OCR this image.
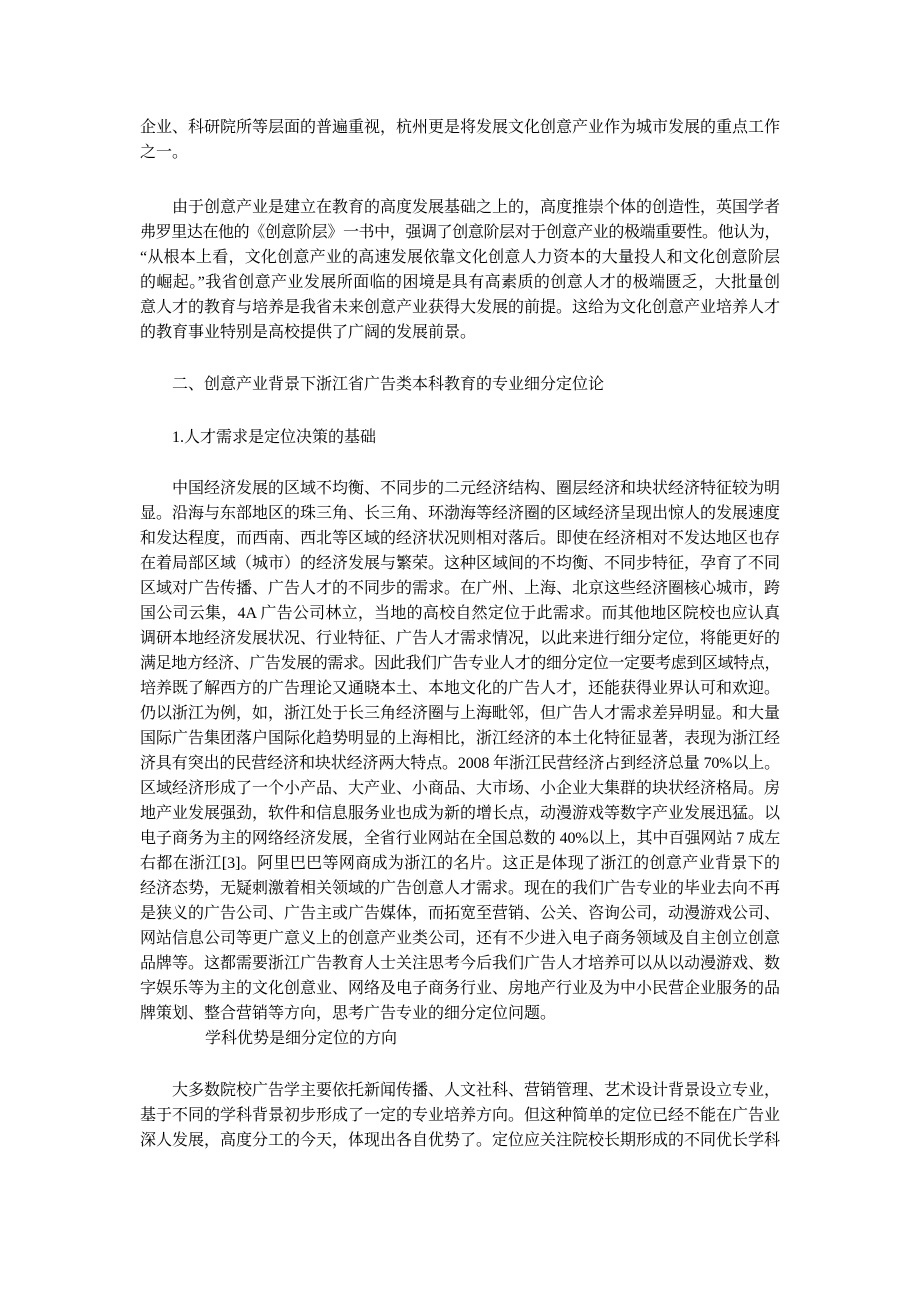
企业、科研院所等层面的普遍重视，杭州更是将发展文化创意产业作为城市发展的重点工作
之一。
由于创意产业是建立在教育的高度发展基础之上的，高度推崇个体的创造性，英国学者
弗罗里达在他的《创意阶层》一书中，强调了创意阶层对于创意产业的极端重要性。他认为，
“从根本上看，文化创意产业的高速发展依靠文化创意人力资本的大量投人和文化创意阶层
的崛起。”我省创意产业发展所面临的困境是具有高素质的创意人才的极端匮乏，大批量创
意人才的教育与培养是我省未来创意产业获得大发展的前提。这给为文化创意产业培养人才
的教育事业特别是高校提供了广阔的发展前景。
二、创意产业背景下浙江省广告类本科教育的专业细分定位论
1.人才需求是定位决策的基础
中国经济发展的区域不均衡、不同步的二元经济结构、圈层经济和块状经济特征较为明
显。沿海与东部地区的珠三角、长三角、环渤海等经济圈的区域经济呈现出惊人的发展速度
和发达程度，而西南、西北等区域的经济状况则相对落后。即使在经济相对不发达地区也存
在着局部区域（城市）的经济发展与繁荣。这种区域间的不均衡、不同步特征，孕育了不同
区域对广告传播、广告人才的不同步的需求。在广州、上海、北京这些经济圈核心城市，跨
国公司云集，4A 广告公司林立，当地的高校自然定位于此需求。而其他地区院校也应认真
调研本地经济发展状况、行业特征、广告人才需求情况，以此来进行细分定位，将能更好的
满足地方经济、广告发展的需求。因此我们广告专业人才的细分定位一定要考虑到区域特点，
培养既了解西方的广告理论又通晓本土、本地文化的广告人才，还能获得业界认可和欢迎。
仍以浙江为例，如，浙江处于长三角经济圈与上海毗邻，但广告人才需求差异明显。和大量
国际广告集团落户国际化趋势明显的上海相比，浙江经济的本土化特征显著，表现为浙江经
济具有突出的民营经济和块状经济两大特点。2008 年浙江民营经济占到经济总量 70%以上。
区域经济形成了一个小产品、大产业、小商品、大市场、小企业大集群的块状经济格局。房
地产业发展强劲，软件和信息服务业也成为新的增长点，动漫游戏等数字产业发展迅猛。以
电子商务为主的网络经济发展，全省行业网站在全国总数的 40%以上，其中百强网站 7 成左
右都在浙江[3]。阿里巴巴等网商成为浙江的名片。这正是体现了浙江的创意产业背景下的
经济态势，无疑刺激着相关领域的广告创意人才需求。现在的我们广告专业的毕业去向不再
是狭义的广告公司、广告主或广告媒体，而拓宽至营销、公关、咨询公司，动漫游戏公司、
网站信息公司等更广意义上的创意产业类公司，还有不少进入电子商务领域及自主创立创意
品牌等。这都需要浙江广告教育人士关注思考今后我们广告人才培养可以从以动漫游戏、数
字娱乐等为主的文化创意业、网络及电子商务行业、房地产行业及为中小民营企业服务的品
牌策划、整合营销等方向，思考广告专业的细分定位问题。
学科优势是细分定位的方向
大多数院校广告学主要依托新闻传播、人文社科、营销管理、艺术设计背景设立专业，
基于不同的学科背景初步形成了一定的专业培养方向。但这种简单的定位已经不能在广告业
深人发展，高度分工的今天，体现出各自优势了。定位应关注院校长期形成的不同优长学科
